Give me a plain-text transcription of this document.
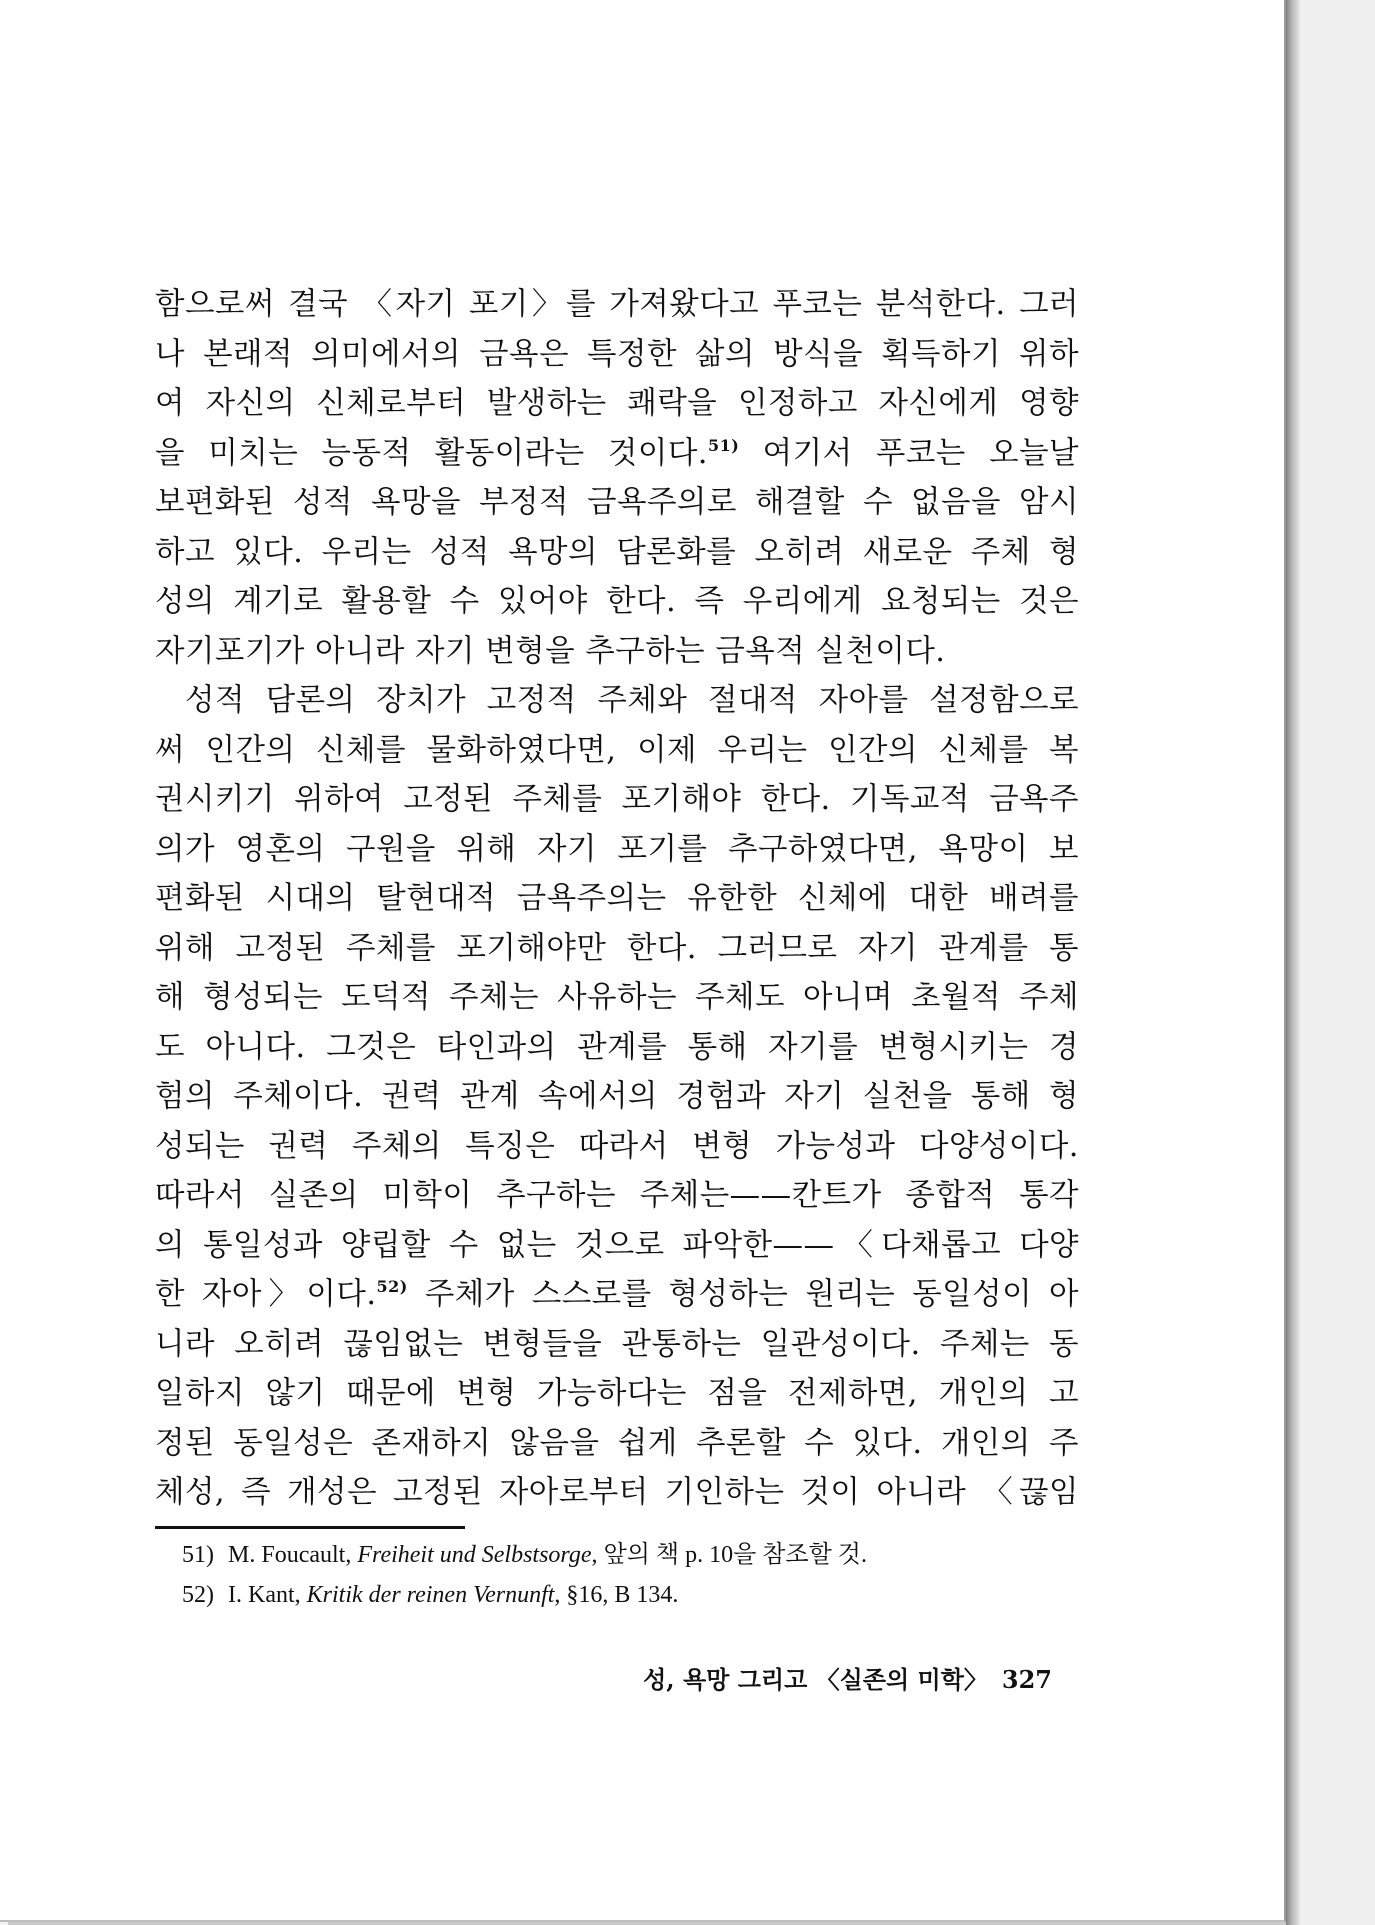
함으로써 결국 〈자기 포기〉를 가져왔다고 푸코는 분석한다. 그러
나 본래적 의미에서의 금욕은 특정한 삶의 방식을 획득하기 위하
여 자신의 신체로부터 발생하는 쾌락을 인정하고 자신에게 영향
을 미치는 능동적 활동이라는 것이다.$^{51)}$ 여기서 푸코는 오늘날
보편화된 성적 욕망을 부정적 금욕주의로 해결할 수 없음을 암시
하고 있다. 우리는 성적 욕망의 담론화를 오히려 새로운 주체 형
성의 계기로 활용할 수 있어야 한다. 즉 우리에게 요청되는 것은
자기포기가 아니라 자기 변형을 추구하는 금욕적 실천이다.
성적 담론의 장치가 고정적 주체와 절대적 자아를 설정함으로
써 인간의 신체를 물화하였다면, 이제 우리는 인간의 신체를 복
권시키기 위하여 고정된 주체를 포기해야 한다. 기독교적 금욕주
의가 영혼의 구원을 위해 자기 포기를 추구하였다면, 욕망이 보
편화된 시대의 탈현대적 금욕주의는 유한한 신체에 대한 배려를
위해 고정된 주체를 포기해야만 한다. 그러므로 자기 관계를 통
해 형성되는 도덕적 주체는 사유하는 주체도 아니며 초월적 주체
도 아니다. 그것은 타인과의 관계를 통해 자기를 변형시키는 경
험의 주체이다. 권력 관계 속에서의 경험과 자기 실천을 통해 형
성되는 권력 주체의 특징은 따라서 변형 가능성과 다양성이다.
따라서 실존의 미학이 추구하는 주체는——칸트가 종합적 통각
의 통일성과 양립할 수 없는 것으로 파악한——〈다채롭고 다양
한 자아〉이다.$^{52)}$ 주체가 스스로를 형성하는 원리는 동일성이 아
니라 오히려 끊임없는 변형들을 관통하는 일관성이다. 주체는 동
일하지 않기 때문에 변형 가능하다는 점을 전제하면, 개인의 고
정된 동일성은 존재하지 않음을 쉽게 추론할 수 있다. 개인의 주
체성, 즉 개성은 고정된 자아로부터 기인하는 것이 아니라 〈끊임
51) M. Foucault, Freiheit und Selbstsorge, 앞의 책 p. 10을 참조할 것.
52) I. Kant, Kritik der reinen Vernunft, §16, B 134.
성, 욕망 그리고 〈실존의 미학〉 327
